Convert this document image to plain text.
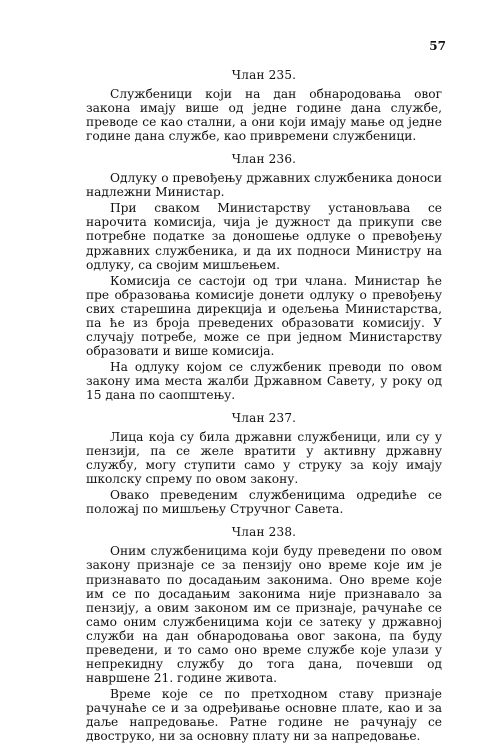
57
Члан 235.

Службеници који на дан обнародовања овог закона имају више од једне године дана службе, преводе се као стални, а они који имају мање од једне године дана службе, као привремени службеници.

Члан 236.

Одлуку о превођењу државних службеника доноси надлежни Министар.

При сваком Министарству установљава се нарочита комисија, чија је дужност да прикупи све потребне податке за доношење одлуке о превођењу државних службеника, и да их подноси Министру на одлуку, са својим мишљењем.

Комисија се састоји од три члана. Министар ће пре образовања комисије донети одлуку о превођењу свих старешина дирекција и одељења Министарства, па ће из броја преведених образовати комисију. У случају потребе, може се при једном Министарству образовати и више комисија.

На одлуку којом се службеник преводи по овом закону има места жалби Државном Савету, у року од 15 дана по саопштењу.

Члан 237.

Лица која су била државни службеници, или су у пензији, па се желе вратити у активну државну службу, могу ступити само у струку за коју имају школску спрему по овом закону.

Овако преведеним службеницима одредиће се положај по мишљењу Стручног Савета.

Члан 238.

Оним службеницима који буду преведени по овом закону признаје се за пензију оно време које им је признавато по досадањим законима. Оно време које им се по досадањим законима није признавало за пензију, а овим законом им се признаје, рачунаће се само оним службеницима који се затеку у државној служби на дан обнародовања овог закона, па буду преведени, и то само оно време службе које улази у непрекидну службу до тога дана, почевши од навршене 21. године живота.

Време које се по претходном ставу признаје рачунаће се и за одређивање основне плате, као и за даље напредовање. Ратне године не рачунају се двоструко, ни за основну плату ни за напредовање.
